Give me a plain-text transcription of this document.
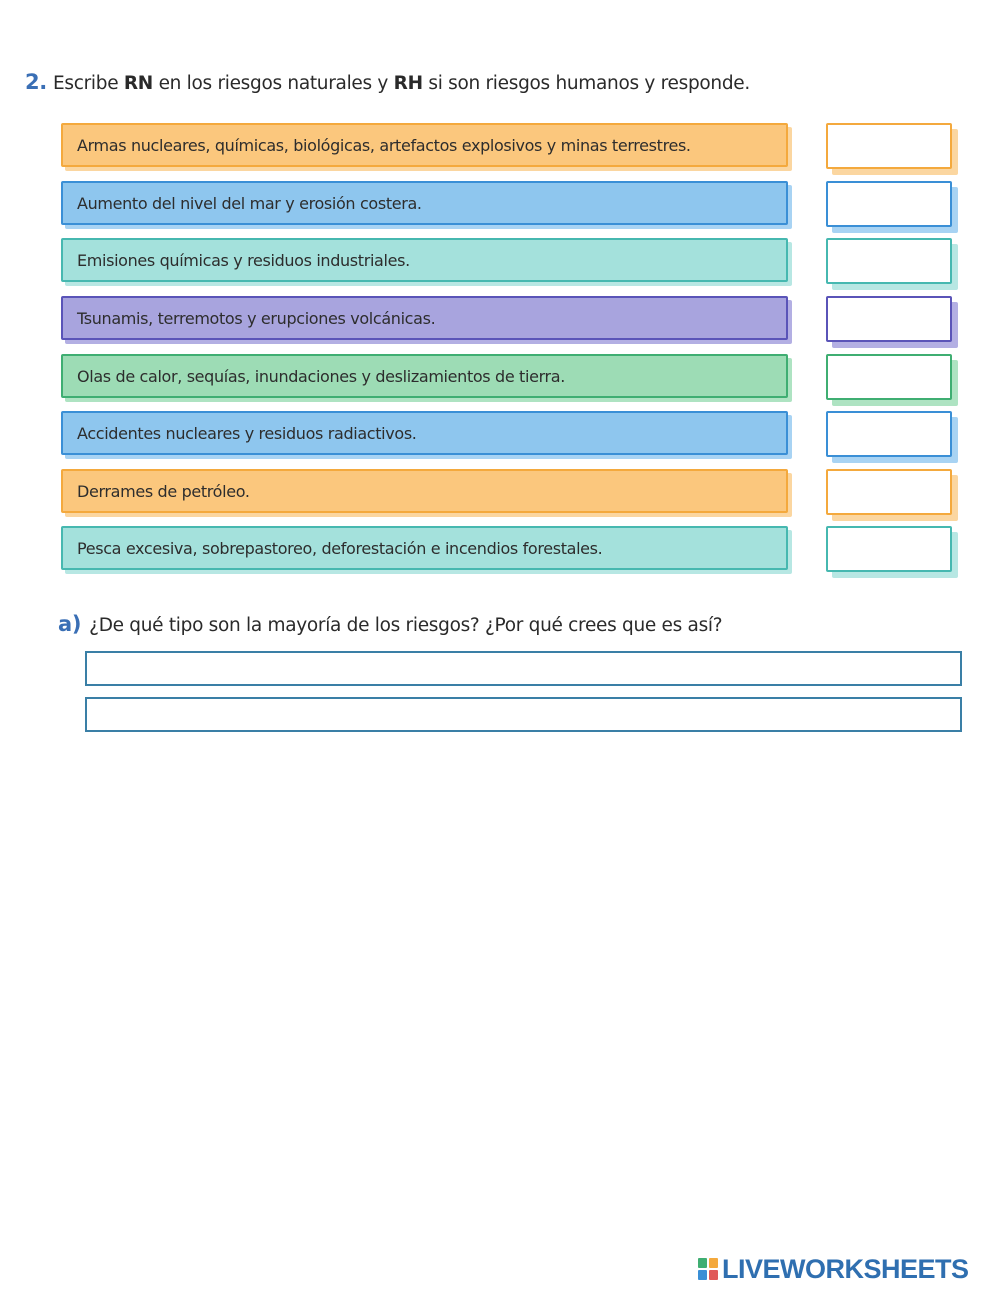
2. Escribe RN en los riesgos naturales y RH si son riesgos humanos y responde.
Armas nucleares, químicas, biológicas, artefactos explosivos y minas terrestres.
Aumento del nivel del mar y erosión costera.
Emisiones químicas y residuos industriales.
Tsunamis, terremotos y erupciones volcánicas.
Olas de calor, sequías, inundaciones y deslizamientos de tierra.
Accidentes nucleares y residuos radiactivos.
Derrames de petróleo.
Pesca excesiva, sobrepastoreo, deforestación e incendios forestales.
a) ¿De qué tipo son la mayoría de los riesgos? ¿Por qué crees que es así?
LIVEWORKSHEETS
